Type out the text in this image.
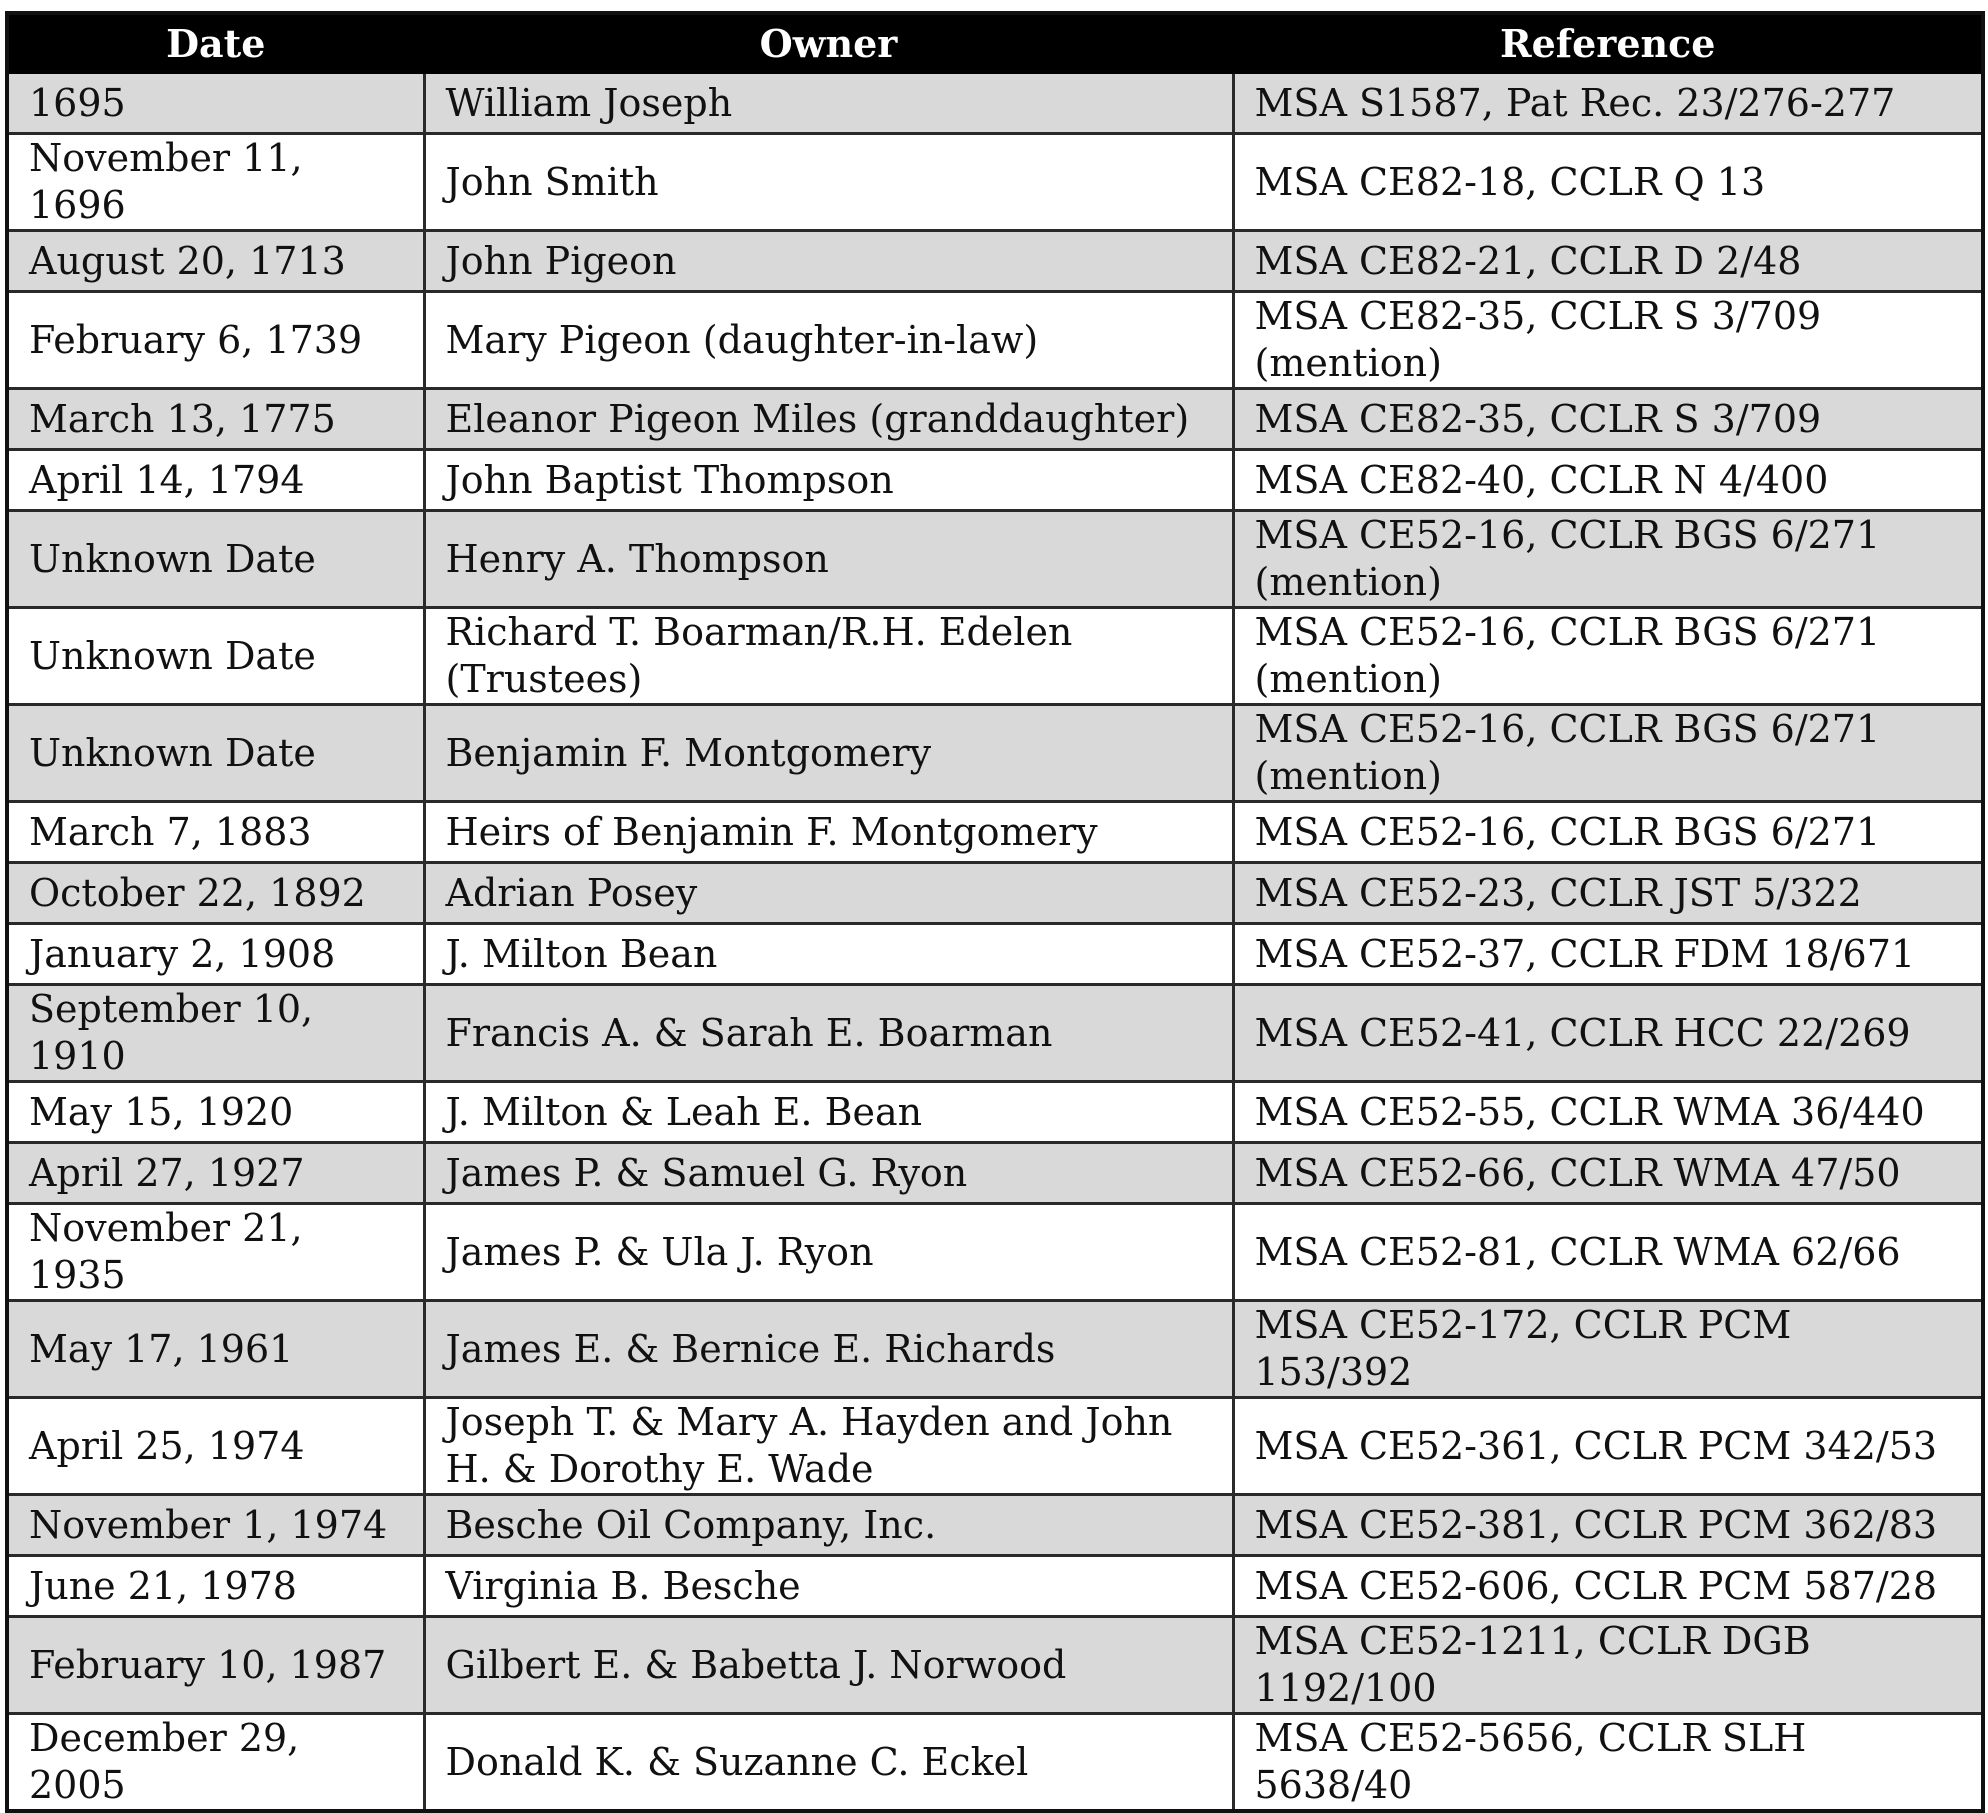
Date	Owner	Reference
1695	William Joseph	MSA S1587, Pat Rec. 23/276-277
November 11, 1696	John Smith	MSA CE82-18, CCLR Q 13
August 20, 1713	John Pigeon	MSA CE82-21, CCLR D 2/48
February 6, 1739	Mary Pigeon (daughter-in-law)	MSA CE82-35, CCLR S 3/709 (mention)
March 13, 1775	Eleanor Pigeon Miles (granddaughter)	MSA CE82-35, CCLR S 3/709
April 14, 1794	John Baptist Thompson	MSA CE82-40, CCLR N 4/400
Unknown Date	Henry A. Thompson	MSA CE52-16, CCLR BGS 6/271 (mention)
Unknown Date	Richard T. Boarman/R.H. Edelen (Trustees)	MSA CE52-16, CCLR BGS 6/271 (mention)
Unknown Date	Benjamin F. Montgomery	MSA CE52-16, CCLR BGS 6/271 (mention)
March 7, 1883	Heirs of Benjamin F. Montgomery	MSA CE52-16, CCLR BGS 6/271
October 22, 1892	Adrian Posey	MSA CE52-23, CCLR JST 5/322
January 2, 1908	J. Milton Bean	MSA CE52-37, CCLR FDM 18/671
September 10, 1910	Francis A. & Sarah E. Boarman	MSA CE52-41, CCLR HCC 22/269
May 15, 1920	J. Milton & Leah E. Bean	MSA CE52-55, CCLR WMA 36/440
April 27, 1927	James P. & Samuel G. Ryon	MSA CE52-66, CCLR WMA 47/50
November 21, 1935	James P. & Ula J. Ryon	MSA CE52-81, CCLR WMA 62/66
May 17, 1961	James E. & Bernice E. Richards	MSA CE52-172, CCLR PCM 153/392
April 25, 1974	Joseph T. & Mary A. Hayden and John H. & Dorothy E. Wade	MSA CE52-361, CCLR PCM 342/53
November 1, 1974	Besche Oil Company, Inc.	MSA CE52-381, CCLR PCM 362/83
June 21, 1978	Virginia B. Besche	MSA CE52-606, CCLR PCM 587/28
February 10, 1987	Gilbert E. & Babetta J. Norwood	MSA CE52-1211, CCLR DGB 1192/100
December 29, 2005	Donald K. & Suzanne C. Eckel	MSA CE52-5656, CCLR SLH 5638/40
